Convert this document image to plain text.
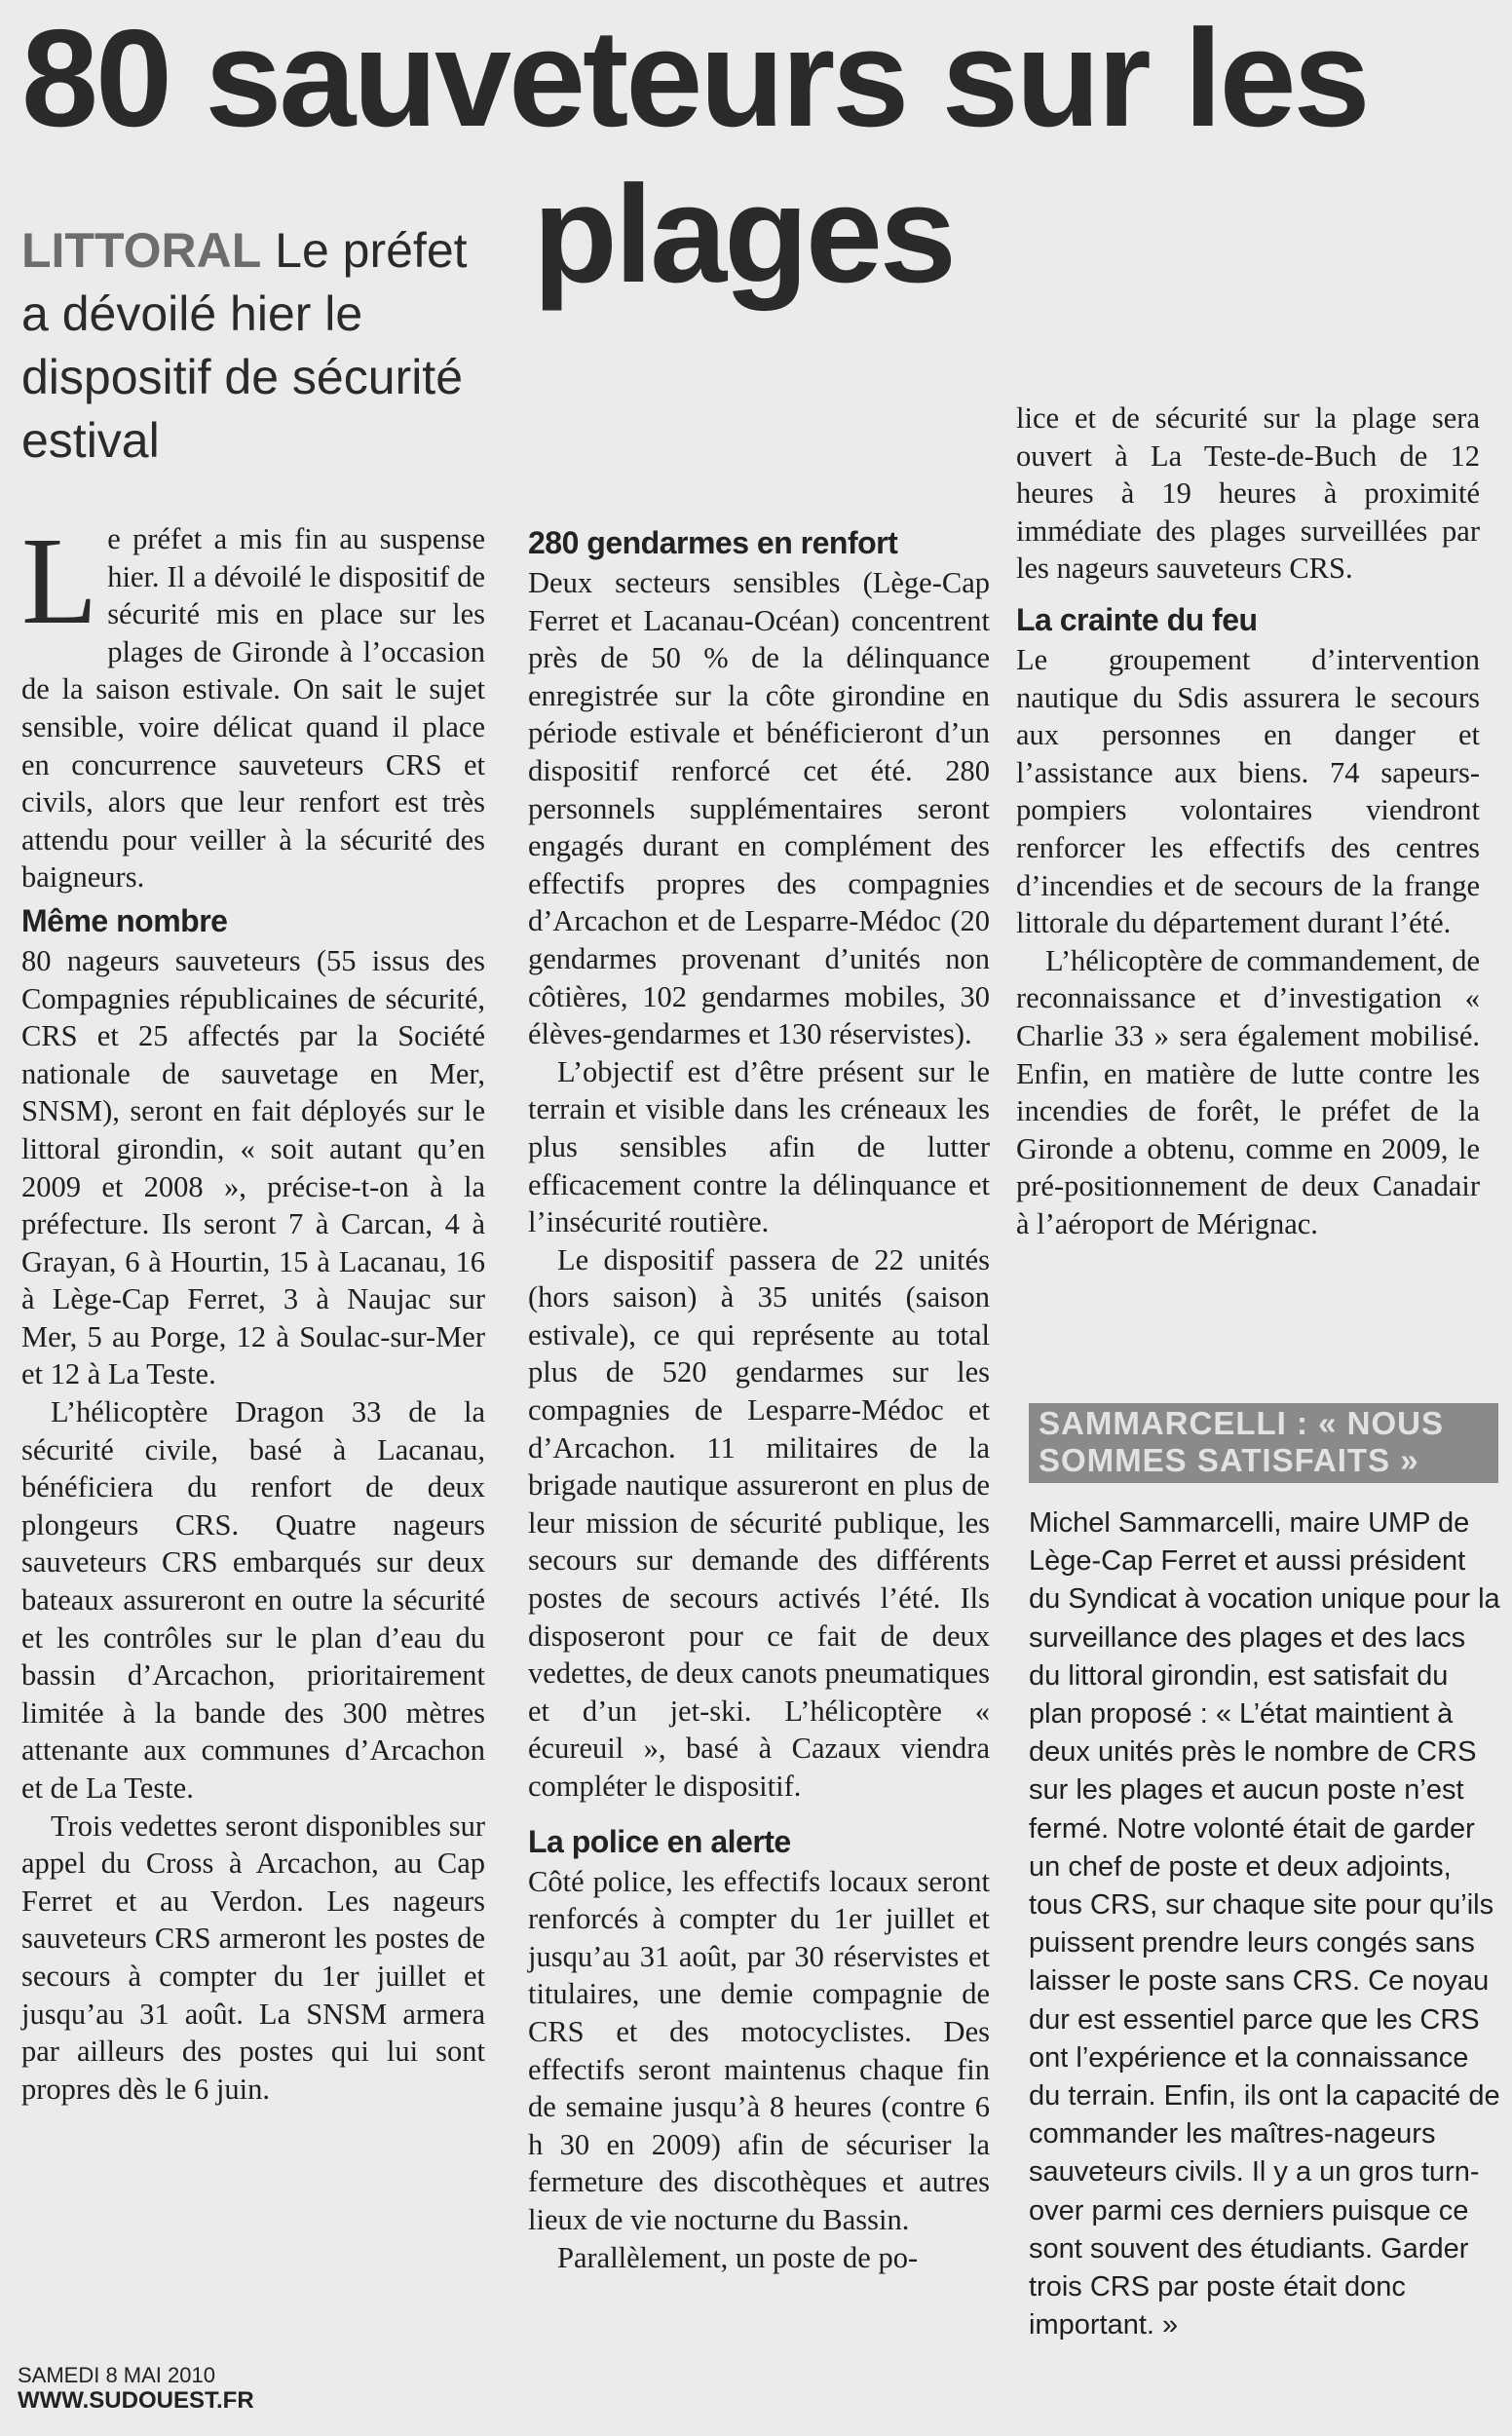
80 sauveteurs sur les
plages
LITTORAL Le préfet a dévoilé hier le dispositif de sécurité estival

Le préfet a mis fin au suspense hier. Il a dévoilé le dispositif de sécurité mis en place sur les plages de Gironde à l’occasion de la saison estivale. On sait le sujet sensible, voire délicat quand il place en concurrence sauveteurs CRS et civils, alors que leur renfort est très attendu pour veiller à la sécurité des baigneurs.

Même nombre

80 nageurs sauveteurs (55 issus des Compagnies républicaines de sécurité, CRS et 25 affectés par la Société nationale de sauvetage en Mer, SNSM), seront en fait déployés sur le littoral girondin, « soit autant qu’en 2009 et 2008 », précise-t-on à la préfecture. Ils seront 7 à Carcan, 4 à Grayan, 6 à Hourtin, 15 à Lacanau, 16 à Lège-Cap Ferret, 3 à Naujac sur Mer, 5 au Porge, 12 à Soulac-sur-Mer et 12 à La Teste.

L’hélicoptère Dragon 33 de la sécurité civile, basé à Lacanau, bénéficiera du renfort de deux plongeurs CRS. Quatre nageurs sauveteurs CRS embarqués sur deux bateaux assureront en outre la sécurité et les contrôles sur le plan d’eau du bassin d’Arcachon, prioritairement limitée à la bande des 300 mètres attenante aux communes d’Arcachon et de La Teste.

Trois vedettes seront disponibles sur appel du Cross à Arcachon, au Cap Ferret et au Verdon. Les nageurs sauveteurs CRS armeront les postes de secours à compter du 1er juillet et jusqu’au 31 août. La SNSM armera par ailleurs des postes qui lui sont propres dès le 6 juin.

280 gendarmes en renfort

Deux secteurs sensibles (Lège-Cap Ferret et Lacanau-Océan) concentrent près de 50 % de la délinquance enregistrée sur la côte girondine en période estivale et bénéficieront d’un dispositif renforcé cet été. 280 personnels supplémentaires seront engagés durant en complément des effectifs propres des compagnies d’Arcachon et de Lesparre-Médoc (20 gendarmes provenant d’unités non côtières, 102 gendarmes mobiles, 30 élèves-gendarmes et 130 réservistes).

L’objectif est d’être présent sur le terrain et visible dans les créneaux les plus sensibles afin de lutter efficacement contre la délinquance et l’insécurité routière.

Le dispositif passera de 22 unités (hors saison) à 35 unités (saison estivale), ce qui représente au total plus de 520 gendarmes sur les compagnies de Lesparre-Médoc et d’Arcachon. 11 militaires de la brigade nautique assureront en plus de leur mission de sécurité publique, les secours sur demande des différents postes de secours activés l’été. Ils disposeront pour ce fait de deux vedettes, de deux canots pneumatiques et d’un jet-ski. L’hélicoptère « écureuil », basé à Cazaux viendra compléter le dispositif.

La police en alerte

Côté police, les effectifs locaux seront renforcés à compter du 1er juillet et jusqu’au 31 août, par 30 réservistes et titulaires, une demie compagnie de CRS et des motocyclistes. Des effectifs seront maintenus chaque fin de semaine jusqu’à 8 heures (contre 6 h 30 en 2009) afin de sécuriser la fermeture des discothèques et autres lieux de vie nocturne du Bassin.

Parallèlement, un poste de po-

lice et de sécurité sur la plage sera ouvert à La Teste-de-Buch de 12 heures à 19 heures à proximité immédiate des plages surveillées par les nageurs sauveteurs CRS.

La crainte du feu

Le groupement d’intervention nautique du Sdis assurera le secours aux personnes en danger et l’assistance aux biens. 74 sapeurs-pompiers volontaires viendront renforcer les effectifs des centres d’incendies et de secours de la frange littorale du département durant l’été.

L’hélicoptère de commandement, de reconnaissance et d’investigation « Charlie 33 » sera également mobilisé. Enfin, en matière de lutte contre les incendies de forêt, le préfet de la Gironde a obtenu, comme en 2009, le pré-positionnement de deux Canadair à l’aéroport de Mérignac.

SAMMARCELLI : « NOUS SOMMES SATISFAITS »
Michel Sammarcelli, maire UMP de Lège-Cap Ferret et aussi président du Syndicat à vocation unique pour la surveillance des plages et des lacs du littoral girondin, est satisfait du plan proposé : « L’état maintient à deux unités près le nombre de CRS sur les plages et aucun poste n’est fermé. Notre volonté était de garder un chef de poste et deux adjoints, tous CRS, sur chaque site pour qu’ils puissent prendre leurs congés sans laisser le poste sans CRS. Ce noyau dur est essentiel parce que les CRS ont l’expérience et la connaissance du terrain. Enfin, ils ont la capacité de commander les maîtres-nageurs sauveteurs civils. Il y a un gros turn-over parmi ces derniers puisque ce sont souvent des étudiants. Garder trois CRS par poste était donc important. »
SAMEDI 8 MAI 2010
WWW.SUDOUEST.FR
